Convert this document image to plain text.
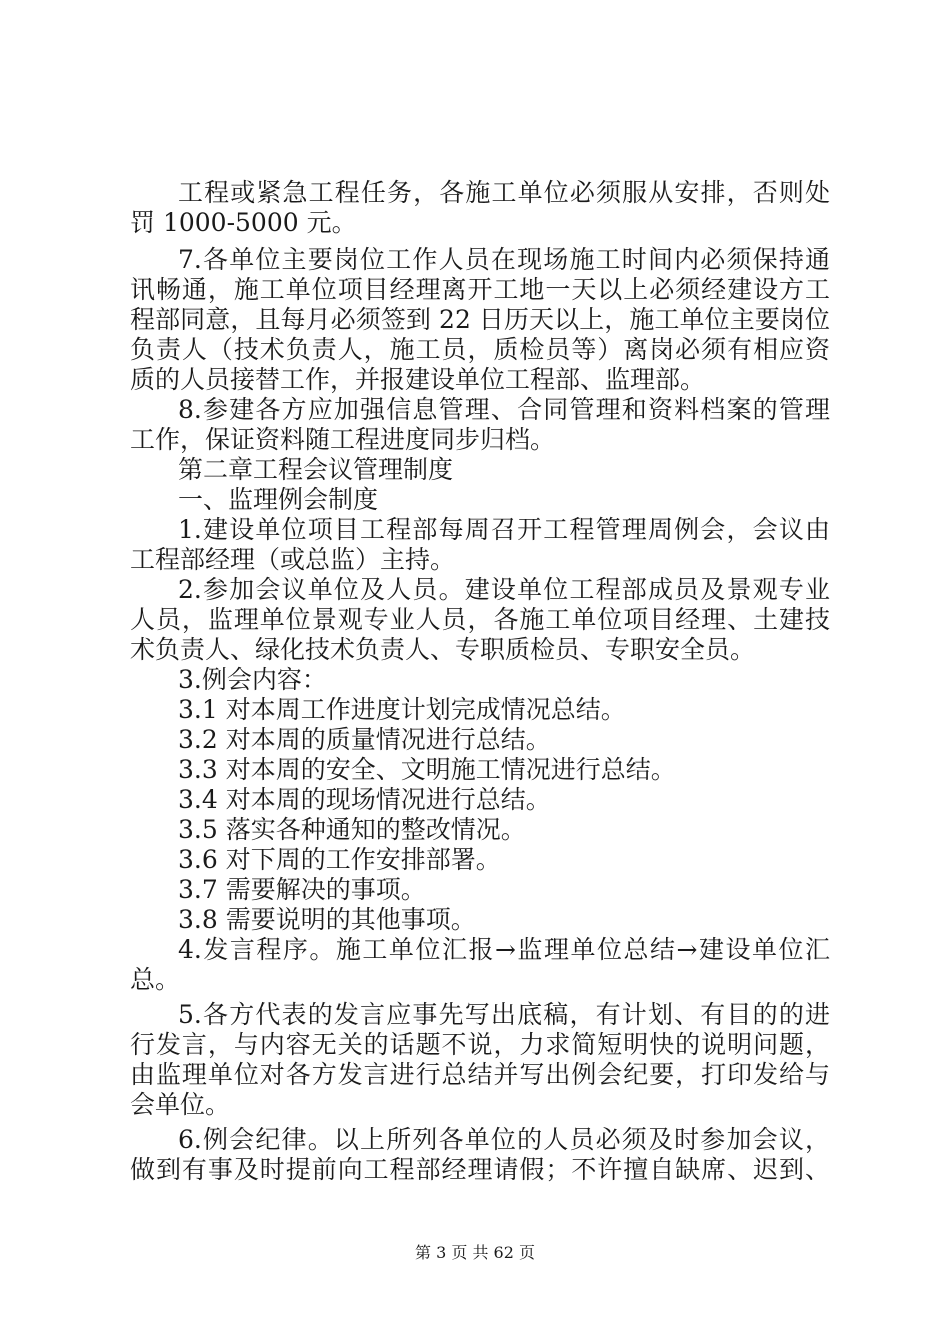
工程或紧急工程任务，各施工单位必须服从安排，否则处
罚 1000-5000 元。
7.各单位主要岗位工作人员在现场施工时间内必须保持通
讯畅通，施工单位项目经理离开工地一天以上必须经建设方工
程部同意，且每月必须签到 22 日历天以上，施工单位主要岗位
负责人（技术负责人，施工员，质检员等）离岗必须有相应资
质的人员接替工作，并报建设单位工程部、监理部。
8.参建各方应加强信息管理、合同管理和资料档案的管理
工作，保证资料随工程进度同步归档。
第二章工程会议管理制度
一、监理例会制度
1.建设单位项目工程部每周召开工程管理周例会，会议由
工程部经理（或总监）主持。
2.参加会议单位及人员。建设单位工程部成员及景观专业
人员，监理单位景观专业人员，各施工单位项目经理、土建技
术负责人、绿化技术负责人、专职质检员、专职安全员。
3.例会内容：
3.1 对本周工作进度计划完成情况总结。
3.2 对本周的质量情况进行总结。
3.3 对本周的安全、文明施工情况进行总结。
3.4 对本周的现场情况进行总结。
3.5 落实各种通知的整改情况。
3.6 对下周的工作安排部署。
3.7 需要解决的事项。
3.8 需要说明的其他事项。
4.发言程序。施工单位汇报→监理单位总结→建设单位汇
总。
5.各方代表的发言应事先写出底稿，有计划、有目的的进
行发言，与内容无关的话题不说，力求简短明快的说明问题，
由监理单位对各方发言进行总结并写出例会纪要，打印发给与
会单位。
6.例会纪律。以上所列各单位的人员必须及时参加会议，
做到有事及时提前向工程部经理请假；不许擅自缺席、迟到、
第 3 页 共 62 页
